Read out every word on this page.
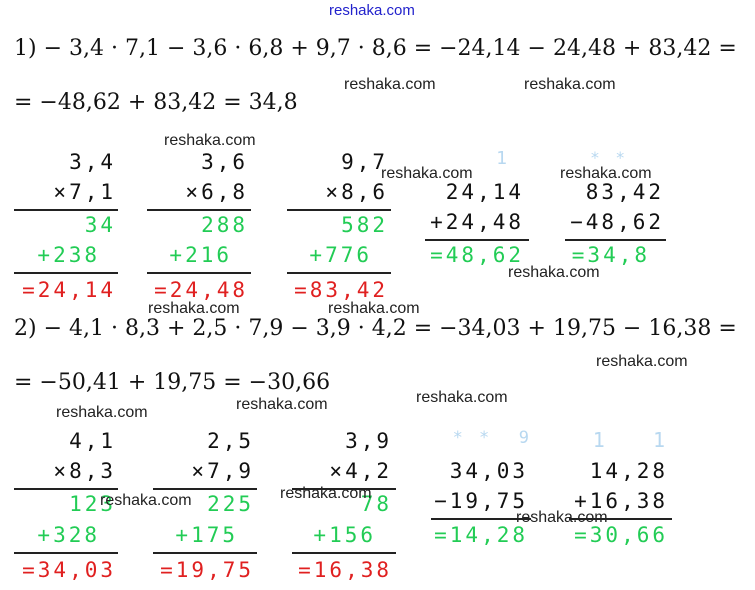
reshaka.com
1) − 3,4 · 7,1 − 3,6 · 6,8 + 9,7 · 8,6 = −24,14 − 24,48 + 83,42 =
= −48,62 + 83,42 = 34,8
2) − 4,1 · 8,3 + 2,5 · 7,9 − 3,9 · 4,2 = −34,03 + 19,75 − 16,38 =
= −50,41 + 19,75 = −30,66
3,4
×7,1
34
+238
=24,14
3,6
×6,8
288
+216
=24,48
9,7
×8,6
582
+776
=83,42
1
24,14
+24,48
=48,62
* *
83,42
−48,62
=34,8
4,1
×8,3
123
+328
=34,03
2,5
×7,9
225
+175
=19,75
3,9
×4,2
78
+156
=16,38
* *  9
34,03
−19,75
=14,28
1   1
14,28
+16,38
=30,66
reshaka.com	reshaka.com
reshaka.com
reshaka.com	reshaka.com
reshaka.com
reshaka.com	reshaka.com
reshaka.com
reshaka.com
reshaka.com	reshaka.com
reshaka.com	reshaka.com
reshaka.com
